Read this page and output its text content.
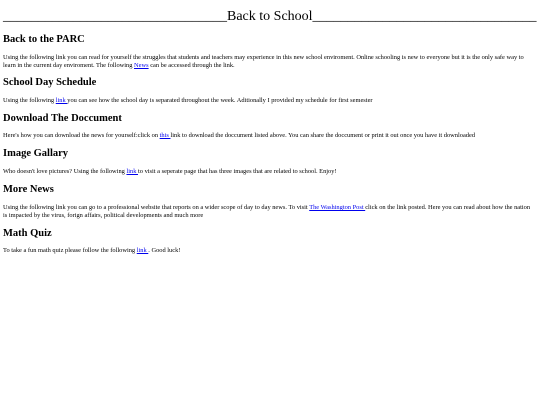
________________________________Back to School________________________________
Back to the PARC

Using the following link you can read for yourself the struggles that students and teachers may experience in this new school enviroment. Online schooling is new to everyone but it is the only safe way to learn in the current day enviroment. The following News can be accessed through the link.

School Day Schedule

Using the following link you can see how the school day is separated throughout the week. Aditionally I provided my schedule for first semester

Download The Doccument

Here's how you can download the news for yourself:click on this link to download the doccument listed above. You can share the doccument or print it out once you have it downloaded

Image Gallary

Who doesn't love pictures? Using the following link to visit a seperate page that has three images that are related to school. Enjoy!

More News

Using the following link you can go to a professional website that reports on a wider scope of day to day news. To visit The Washington Post click on the link posted. Here you can read about how the nation is impacted by the virus, forign affairs, political developments and much more

Math Quiz

To take a fun math quiz please follow the following link . Good luck!
